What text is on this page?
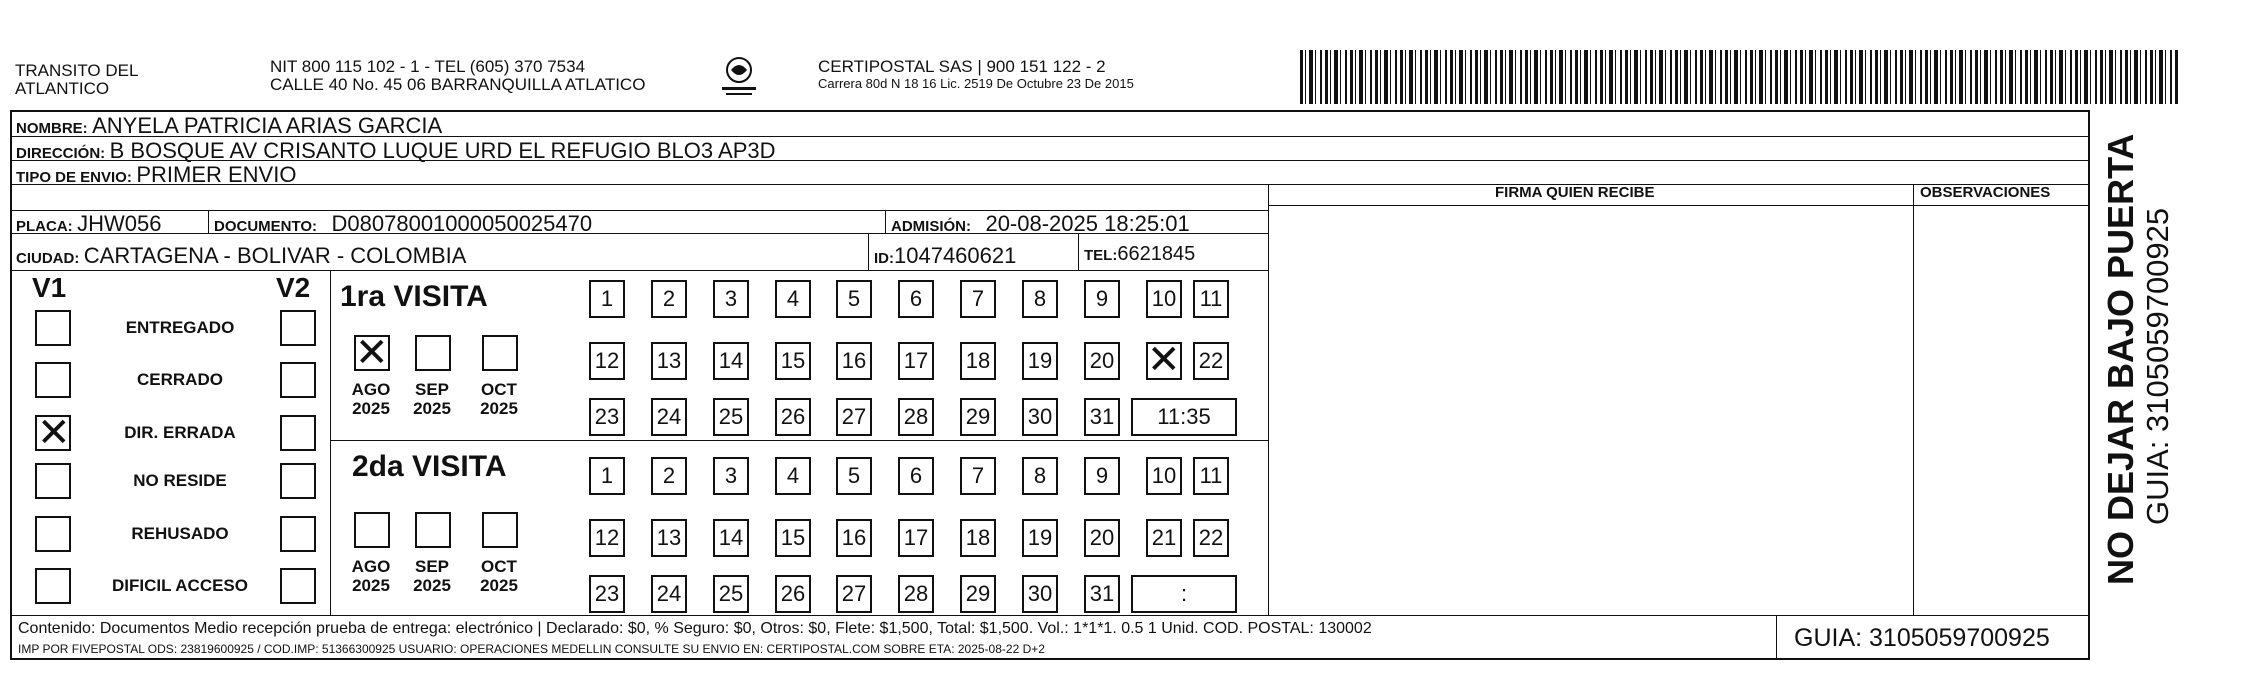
TRANSITO DEL
ATLANTICO
NIT 800 115 102 - 1 - TEL (605) 370 7534
CALLE 40 No. 45 06 BARRANQUILLA ATLATICO
CERTIPOSTAL SAS | 900 151 122 - 2
Carrera 80d N 18 16 Lic. 2519 De Octubre 23 De 2015
NOMBRE: ANYELA PATRICIA ARIAS GARCIA
DIRECCIÓN: B BOSQUE AV CRISANTO LUQUE URD EL REFUGIO BLO3 AP3D
TIPO DE ENVIO: PRIMER ENVIO
FIRMA QUIEN RECIBE	OBSERVACIONES
PLACA: JHW056	DOCUMENTO: D08078001000050025470	ADMISIÓN: 20-08-2025 18:25:01
CIUDAD: CARTAGENA - BOLIVAR - COLOMBIA	ID:1047460621	TEL:6621845
V1	V2
ENTREGADO
CERRADO
✕	DIR. ERRADA
NO RESIDE
REHUSADO
DIFICIL ACCESO
1ra VISITA
2da VISITA
✕
AGO
2025
SEP
2025
OCT
2025
1	2	3	4	5	6	7	8	9	10 11
12 13 14 15 16 17 18 19 20 ✕ 22
23 24 25 26 27 28 29 30 31	11:35
AGO
2025
SEP
2025
OCT
2025
1	2	3	4	5	6	7	8	9	10 11
12 13 14 15 16 17 18 19 20 21 22
23 24 25 26 27 28 29 30 31	:
Contenido: Documentos Medio recepción prueba de entrega: electrónico | Declarado: $0, % Seguro: $0, Otros: $0, Flete: $1,500, Total: $1,500. Vol.: 1*1*1. 0.5 1 Unid. COD. POSTAL: 130002
IMP POR FIVEPOSTAL ODS: 23819600925 / COD.IMP: 51366300925 USUARIO: OPERACIONES MEDELLIN CONSULTE SU ENVIO EN: CERTIPOSTAL.COM SOBRE ETA: 2025-08-22 D+2	GUIA: 3105059700925
NO DEJAR BAJO PUERTA GUIA: 3105059700925
